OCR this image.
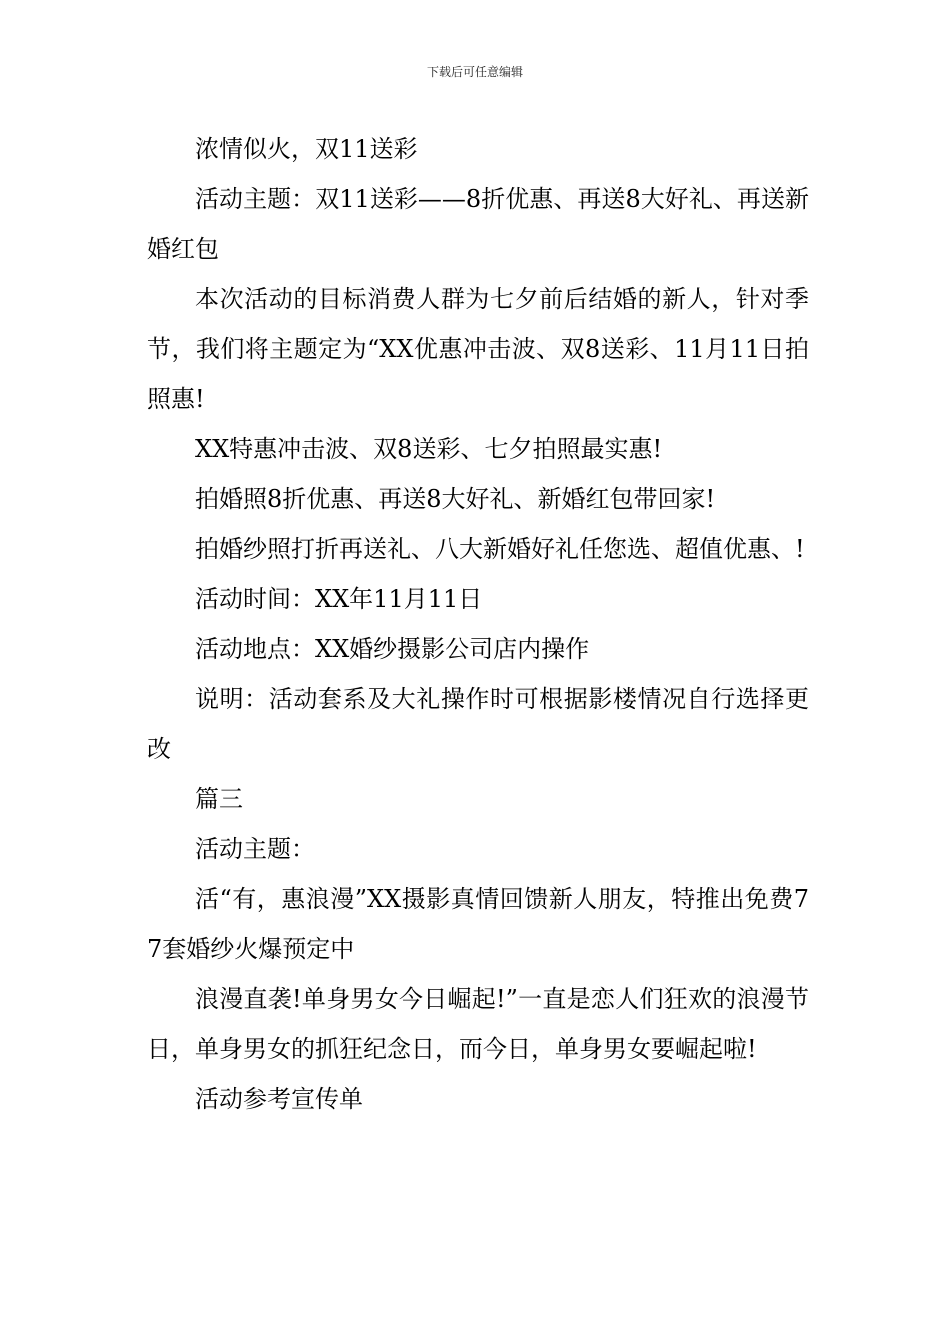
下载后可任意编辑

浓情似火，双11送彩

活动主题：双11送彩——8折优惠、再送8大好礼、再送新婚红包

本次活动的目标消费人群为七夕前后结婚的新人，针对季节，我们将主题定为“XX优惠冲击波、双8送彩、11月11日拍照惠!

XX特惠冲击波、双8送彩、七夕拍照最实惠!

拍婚照8折优惠、再送8大好礼、新婚红包带回家!

拍婚纱照打折再送礼、八大新婚好礼任您选、超值优惠、!

活动时间：XX年11月11日

活动地点：XX婚纱摄影公司店内操作

说明：活动套系及大礼操作时可根据影楼情况自行选择更改

篇三

活动主题：

活“有，惠浪漫”XX摄影真情回馈新人朋友，特推出免费77套婚纱火爆预定中

浪漫直袭!单身男女今日崛起!”一直是恋人们狂欢的浪漫节日，单身男女的抓狂纪念日，而今日，单身男女要崛起啦!

活动参考宣传单
